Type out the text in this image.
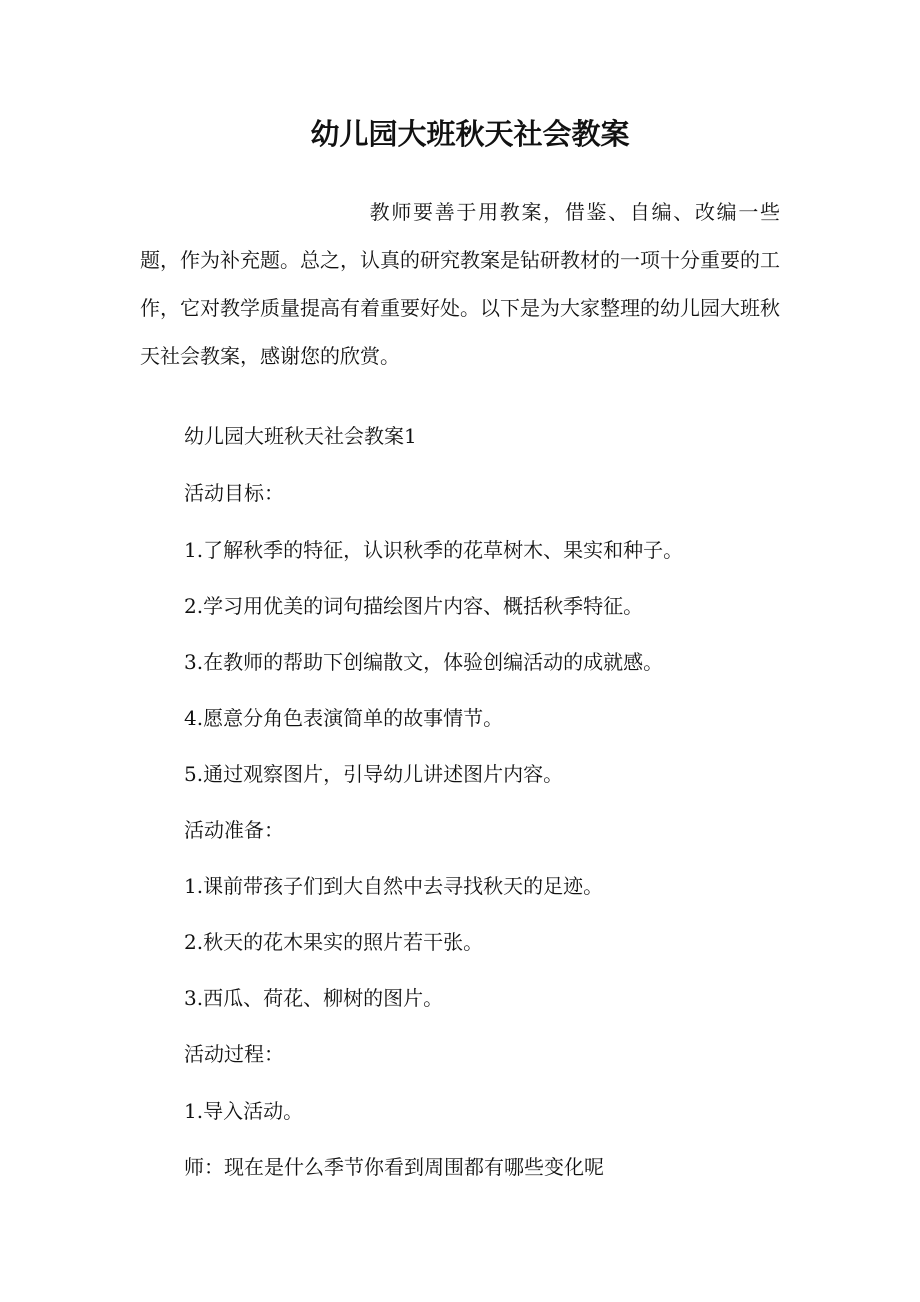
幼儿园大班秋天社会教案

教师要善于用教案，借鉴、自编、改编一些题，作为补充题。总之，认真的研究教案是钻研教材的一项十分重要的工作，它对教学质量提高有着重要好处。以下是为大家整理的幼儿园大班秋天社会教案，感谢您的欣赏。

幼儿园大班秋天社会教案1

活动目标：

1.了解秋季的特征，认识秋季的花草树木、果实和种子。

2.学习用优美的词句描绘图片内容、概括秋季特征。

3.在教师的帮助下创编散文，体验创编活动的成就感。

4.愿意分角色表演简单的故事情节。

5.通过观察图片，引导幼儿讲述图片内容。

活动准备：

1.课前带孩子们到大自然中去寻找秋天的足迹。

2.秋天的花木果实的照片若干张。

3.西瓜、荷花、柳树的图片。

活动过程：

1.导入活动。

师：现在是什么季节你看到周围都有哪些变化呢
